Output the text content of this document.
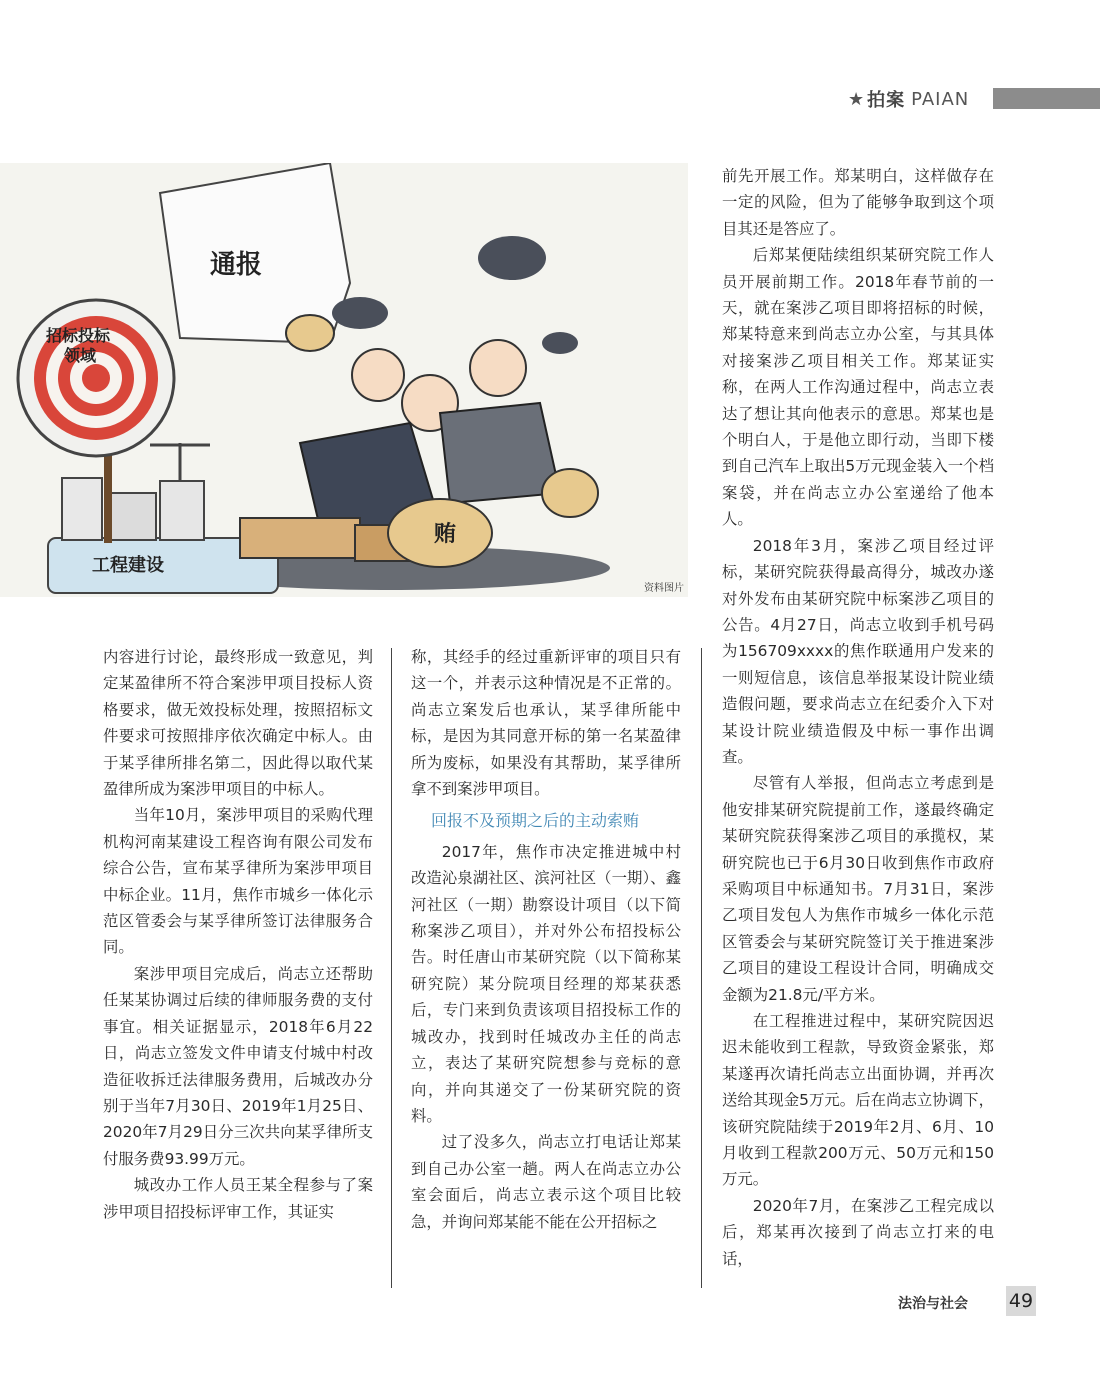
★ 拍案 PAIAN
工程建设
招标投标
领域
通报
贿
资料图片

内容进行讨论，最终形成一致意见，判定某盈律所不符合案涉甲项目投标人资格要求，做无效投标处理，按照招标文件要求可按照排序依次确定中标人。由于某孚律所排名第二，因此得以取代某盈律所成为案涉甲项目的中标人。

当年10月，案涉甲项目的采购代理机构河南某建设工程咨询有限公司发布综合公告，宣布某孚律所为案涉甲项目中标企业。11月，焦作市城乡一体化示范区管委会与某孚律所签订法律服务合同。

案涉甲项目完成后，尚志立还帮助任某某协调过后续的律师服务费的支付事宜。相关证据显示，2018年6月22日，尚志立签发文件申请支付城中村改造征收拆迁法律服务费用，后城改办分别于当年7月30日、2019年1月25日、2020年7月29日分三次共向某孚律所支付服务费93.99万元。

城改办工作人员王某全程参与了案涉甲项目招投标评审工作，其证实

称，其经手的经过重新评审的项目只有这一个，并表示这种情况是不正常的。尚志立案发后也承认，某孚律所能中标，是因为其同意开标的第一名某盈律所为废标，如果没有其帮助，某孚律所拿不到案涉甲项目。

回报不及预期之后的主动索贿

2017年，焦作市决定推进城中村改造沁泉湖社区、滨河社区（一期）、鑫河社区（一期）勘察设计项目（以下简称案涉乙项目），并对外公布招投标公告。时任唐山市某研究院（以下简称某研究院）某分院项目经理的郑某获悉后，专门来到负责该项目招投标工作的城改办，找到时任城改办主任的尚志立，表达了某研究院想参与竞标的意向，并向其递交了一份某研究院的资料。

过了没多久，尚志立打电话让郑某到自己办公室一趟。两人在尚志立办公室会面后，尚志立表示这个项目比较急，并询问郑某能不能在公开招标之

前先开展工作。郑某明白，这样做存在一定的风险，但为了能够争取到这个项目其还是答应了。

后郑某便陆续组织某研究院工作人员开展前期工作。2018年春节前的一天，就在案涉乙项目即将招标的时候，郑某特意来到尚志立办公室，与其具体对接案涉乙项目相关工作。郑某证实称，在两人工作沟通过程中，尚志立表达了想让其向他表示的意思。郑某也是个明白人，于是他立即行动，当即下楼到自己汽车上取出5万元现金装入一个档案袋，并在尚志立办公室递给了他本人。

2018年3月，案涉乙项目经过评标，某研究院获得最高得分，城改办遂对外发布由某研究院中标案涉乙项目的公告。4月27日，尚志立收到手机号码为156709xxxx的焦作联通用户发来的一则短信息，该信息举报某设计院业绩造假问题，要求尚志立在纪委介入下对某设计院业绩造假及中标一事作出调查。

尽管有人举报，但尚志立考虑到是他安排某研究院提前工作，遂最终确定某研究院获得案涉乙项目的承揽权，某研究院也已于6月30日收到焦作市政府采购项目中标通知书。7月31日，案涉乙项目发包人为焦作市城乡一体化示范区管委会与某研究院签订关于推进案涉乙项目的建设工程设计合同，明确成交金额为21.8元/平方米。

在工程推进过程中，某研究院因迟迟未能收到工程款，导致资金紧张，郑某遂再次请托尚志立出面协调，并再次送给其现金5万元。后在尚志立协调下，该研究院陆续于2019年2月、6月、10月收到工程款200万元、50万元和150万元。

2020年7月，在案涉乙工程完成以后，郑某再次接到了尚志立打来的电话，

法治与社会 49
